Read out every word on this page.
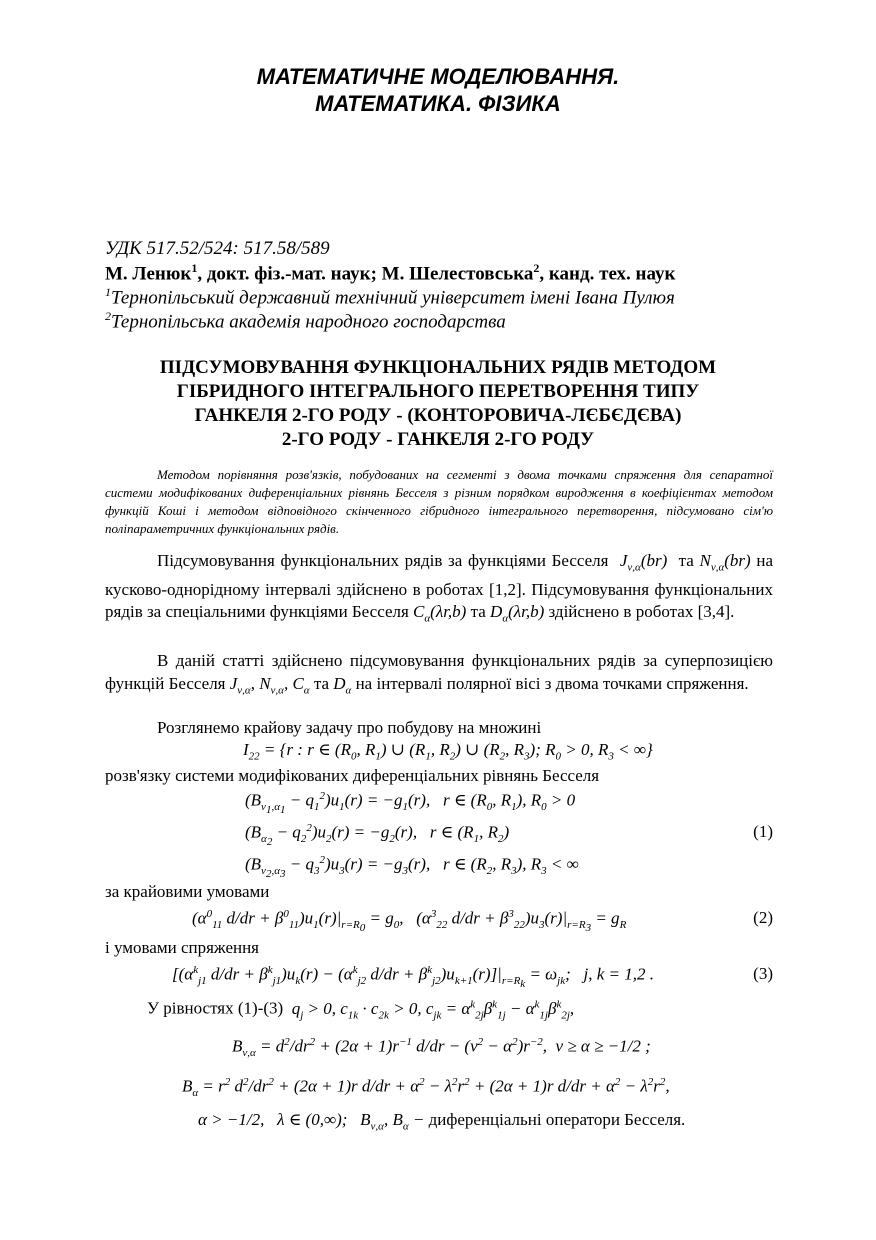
МАТЕМАТИЧНЕ МОДЕЛЮВАННЯ.
МАТЕМАТИКА. ФІЗИКА
УДК 517.52/524: 517.58/589
М. Ленюк$^1$, докт. фіз.-мат. наук; М. Шелестовська$^2$, канд. тех. наук
$^1$Тернопільський державний технічний університет імені Івана Пулюя
$^2$Тернопільська академія народного господарства
ПІДСУМОВУВАННЯ ФУНКЦІОНАЛЬНИХ РЯДІВ МЕТОДОМ
ГІБРИДНОГО ІНТЕГРАЛЬНОГО ПЕРЕТВОРЕННЯ ТИПУ
ГАНКЕЛЯ 2-ГО РОДУ - (КОНТОРОВИЧА-ЛЄБЄДЄВА)
2-ГО РОДУ - ГАНКЕЛЯ 2-ГО РОДУ
Методом порівняння розв'язків, побудованих на сегменті з двома точками спряження для сепаратної системи модифікованих диференціальних рівнянь Бесселя з різним порядком виродження в коефіцієнтах методом функцій Коші і методом відповідного скінченного гібридного інтегрального перетворення, підсумовано сім'ю поліпараметричних функціональних рядів.
Підсумовування функціональних рядів за функціями Бесселя  $J_{\nu,\alpha}(br)$  та $N_{\nu,\alpha}(br)$ на кусково-однорідному інтервалі здійснено в роботах [1,2]. Підсумовування функціональних рядів за спеціальними функціями Бесселя $C_\alpha(\lambda r,b)$ та $D_\alpha(\lambda r,b)$ здійснено в роботах [3,4].
В даній статті здійснено підсумовування функціональних рядів за суперпозицією функцій Бесселя $J_{\nu,\alpha}$, $N_{\nu,\alpha}$, $C_\alpha$ та $D_\alpha$ на інтервалі полярної вісі з двома точками спряження.
Розглянемо крайову задачу про побудову на множині
$I_{22} = \{r$ : r ∈ ($R_0$, $R_1$) ∪ ($R_1$, $R_2$) ∪ ($R_2$, $R_3$); $R_0 > 0$, $R_3$ < ∞}
розв'язку системи модифікованих диференціальних рівнянь Бесселя
$(B_{\nu_1,\alpha_1} - q_1^2)u_1(r) = -g_1(r)$,   r ∈ ($R_0$, $R_1$), $R_0 > 0$
$(B_{\alpha_2} - q_2^2)u_2(r) = -g_2(r)$,   r ∈ ($R_1$, $R_2$)	(1)
$(B_{\nu_2,\alpha_3} - q_3^2)u_3(r) = -g_3(r)$,   r ∈ ($R_2$, $R_3$), $R_3$ < ∞
за крайовими умовами
($\alpha^0_{11}$ $d/dr + \beta^0_{11})u_1(r)|_{r=R_0} = g_0$,   ($\alpha^3_{22}$ $d/dr + \beta^3_{22})u_3(r)|_{r=R_3} = g_R$	(2)
і умовами спряження
[($\alpha^k_{j1}$ $d/dr + \beta^k_{j1})u_k(r) - (\alpha^k_{j2}$ $d/dr + \beta^k_{j2})u_{k+1}(r)]|_{r=R_k} = \omega_{jk}$;   j, k = 1,2 .	(3)
У рівностях (1)-(3)  $q_j > 0$, $c_{1k} \cdot c_{2k} > 0$, $c_{jk} = \alpha^k_{2j}\beta^k_{1j} - \alpha^k_{1j}\beta^k_{2j}$,
$B_{\nu,\alpha} = d^2/dr^2 + (2\alpha + 1)r^{-1}$ $d/dr - (\nu^2 - \alpha^2)r^{-2}$,  ν ≥ α ≥ −1/2 ;
$B_\alpha = r^2$ $d^2/dr^2 + (2\alpha + 1)r$ $d/dr + \alpha^2 - \lambda^2r^2 + (2\alpha + 1)r$ $d/dr + \alpha^2 - \lambda^2r^2$,
α > −1/2,   λ ∈ (0,∞);   $B_{\nu,\alpha}$, $B_\alpha$ − диференціальні оператори Бесселя.
